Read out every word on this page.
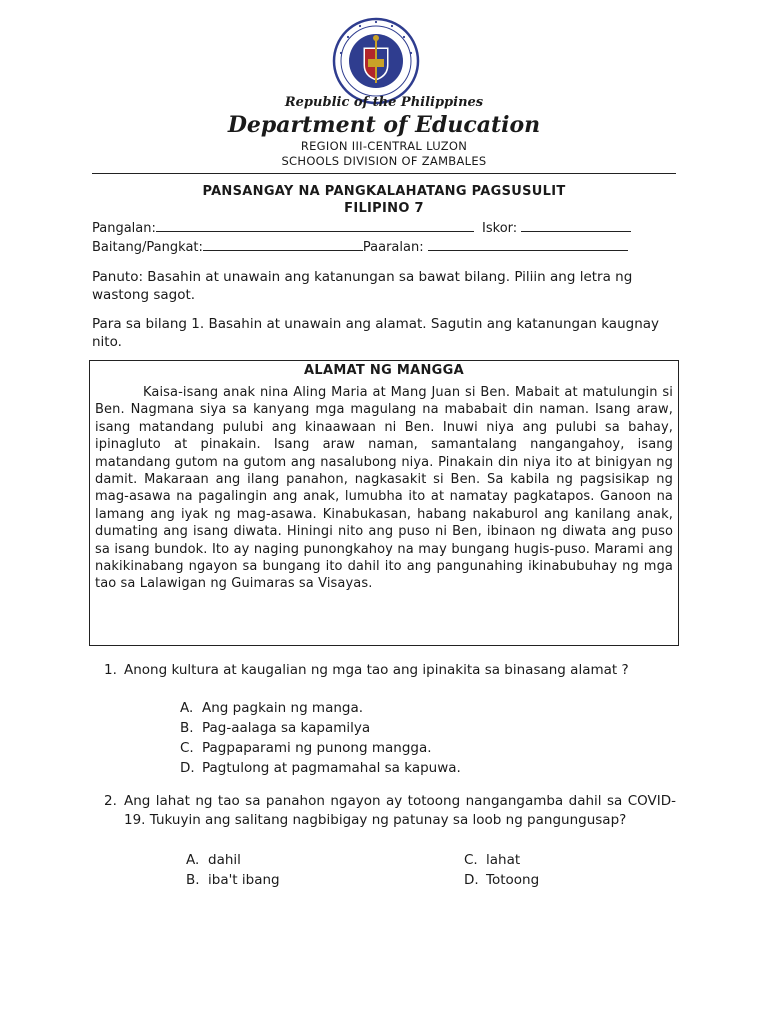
Republic of the Philippines
Department of Education
REGION III-CENTRAL LUZON
SCHOOLS DIVISION OF ZAMBALES
PANSANGAY NA PANGKALAHATANG PAGSUSULIT
FILIPINO 7
Pangalan:	Iskor:
Baitang/Pangkat:	Paaralan:
Panuto: Basahin at unawain ang katanungan sa bawat bilang. Piliin ang letra ng wastong sagot.
Para sa bilang 1. Basahin at unawain ang alamat. Sagutin ang katanungan kaugnay nito.
ALAMAT NG MANGGA
Kaisa-isang anak nina Aling Maria at Mang Juan si Ben. Mabait at matulungin si Ben. Nagmana siya sa kanyang mga magulang na mababait din naman. Isang araw, isang matandang pulubi ang kinaawaan ni Ben. Inuwi niya ang pulubi sa bahay, ipinagluto at pinakain. Isang araw naman, samantalang nangangahoy, isang matandang gutom na gutom ang nasalubong niya. Pinakain din niya ito at binigyan ng damit. Makaraan ang ilang panahon, nagkasakit si Ben. Sa kabila ng pagsisikap ng mag-asawa na pagalingin ang anak, lumubha ito at namatay pagkatapos. Ganoon na lamang ang iyak ng mag-asawa. Kinabukasan, habang nakaburol ang kanilang anak, dumating ang isang diwata. Hiningi nito ang puso ni Ben, ibinaon ng diwata ang puso sa isang bundok. Ito ay naging punongkahoy na may bungang hugis-puso. Marami ang nakikinabang ngayon sa bungang ito dahil ito ang pangunahing ikinabubuhay ng mga tao sa Lalawigan ng Guimaras sa Visayas.
1. Anong kultura at kaugalian ng mga tao ang ipinakita sa binasang alamat ?
A. Ang pagkain ng manga.
B. Pag-aalaga sa kapamilya
C. Pagpaparami ng punong mangga.
D. Pagtulong at pagmamahal sa kapuwa.
2. Ang lahat ng tao sa panahon ngayon ay totoong nangangamba dahil sa COVID-19. Tukuyin ang salitang nagbibigay ng patunay sa loob ng pangungusap?
A. dahil
B. iba't ibang
C. lahat
D. Totoong
